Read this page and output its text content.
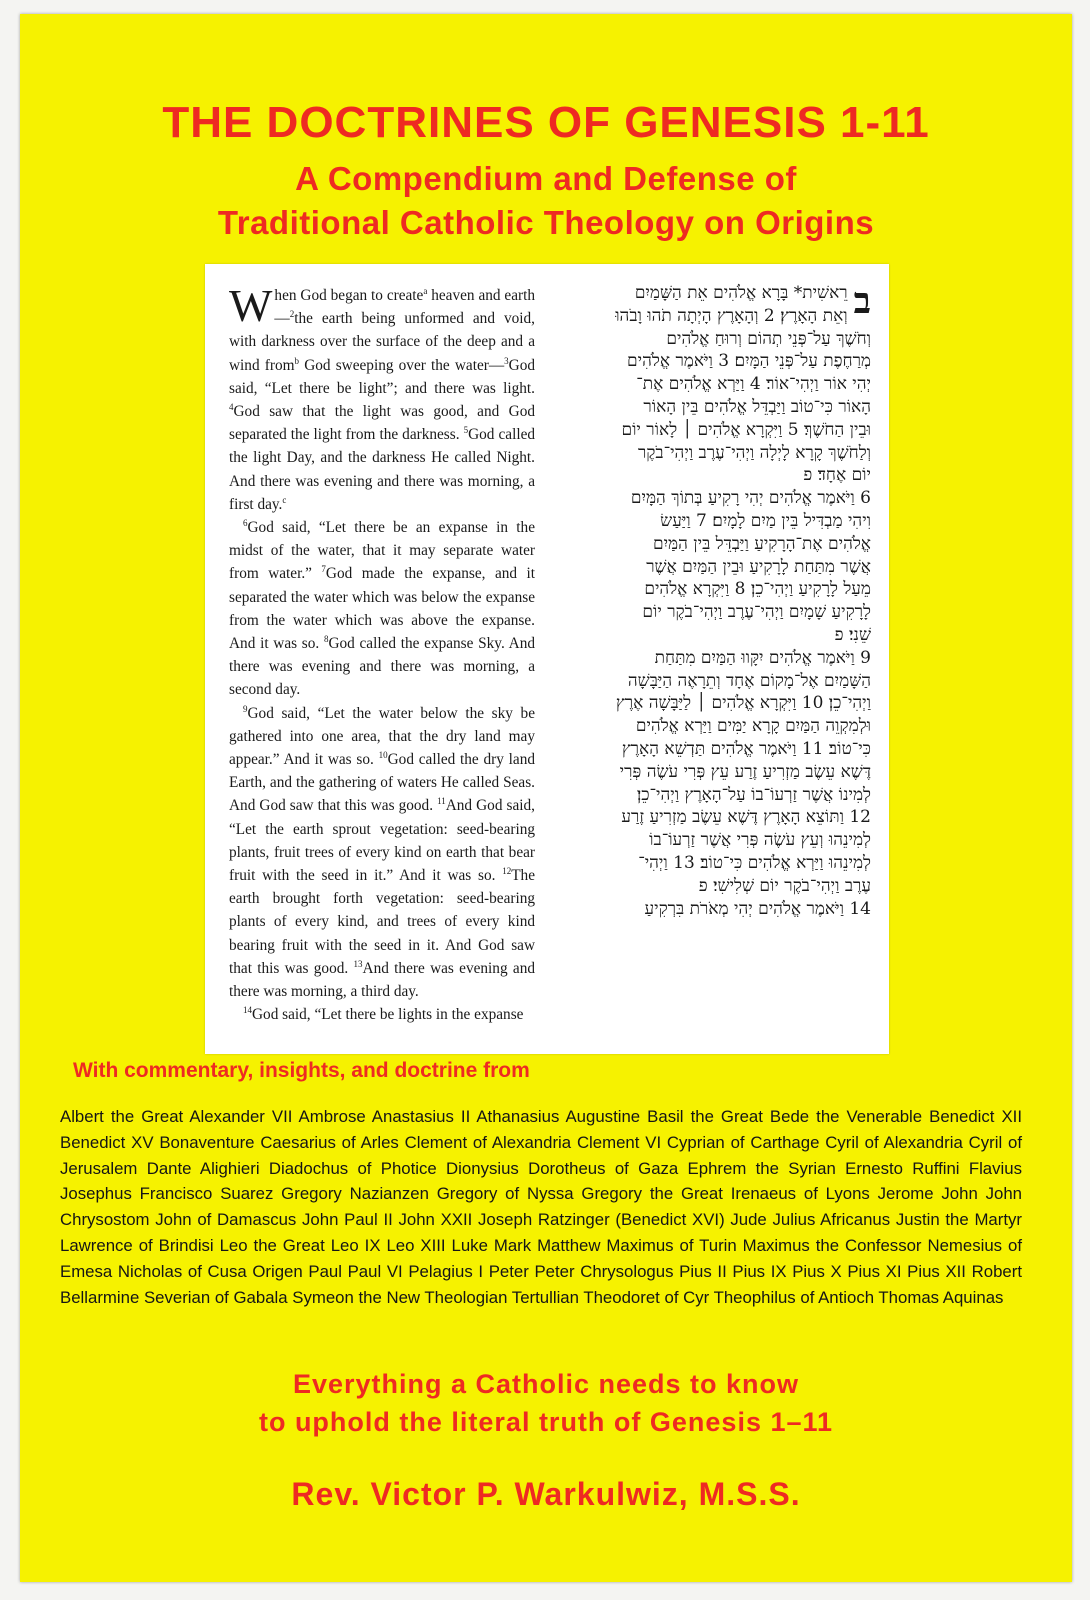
THE DOCTRINES OF GENESIS 1-11
A Compendium and Defense of
Traditional Catholic Theology on Origins

When God began to create$^a$ heaven and earth—$^2$the earth being unformed and void, with darkness over the surface of the deep and a wind from$^b$ God sweeping over the water—$^3$God said, “Let there be light”; and there was light. $^4$God saw that the light was good, and God separated the light from the darkness. $^5$God called the light Day, and the darkness He called Night. And there was evening and there was morning, a first day.$^c$

$^6$God said, “Let there be an expanse in the midst of the water, that it may separate water from water.” $^7$God made the expanse, and it separated the water which was below the expanse from the water which was above the expanse. And it was so. $^8$God called the expanse Sky. And there was evening and there was morning, a second day.

$^9$God said, “Let the water below the sky be gathered into one area, that the dry land may appear.” And it was so. $^{10}$God called the dry land Earth, and the gathering of waters He called Seas. And God saw that this was good. $^{11}$And God said, “Let the earth sprout vegetation: seed-bearing plants, fruit trees of every kind on earth that bear fruit with the seed in it.” And it was so. $^{12}$The earth brought forth vegetation: seed-bearing plants of every kind, and trees of every kind bearing fruit with the seed in it. And God saw that this was good. $^{13}$And there was evening and there was morning, a third day.

$^{14}$God said, “Let there be lights in the expanse

ב
רֵאשִׁית* בָּרָא אֱלֹהִים אֵת הַשָּׁמַיִם
וְאֵת הָאָרֶץ׃ 2 וְהָאָרֶץ הָיְתָה תֹהוּ וָבֹהוּ
וְחֹשֶׁךְ עַל־פְּנֵי תְהוֹם וְרוּחַ אֱלֹהִים
מְרַחֶפֶת עַל־פְּנֵי הַמָּיִם׃ 3 וַיֹּאמֶר אֱלֹהִים
יְהִי אוֹר וַיְהִי־אוֹר׃ 4 וַיַּרְא אֱלֹהִים אֶת־
הָאוֹר כִּי־טוֹב וַיַּבְדֵּל אֱלֹהִים בֵּין הָאוֹר
וּבֵין הַחֹשֶׁךְ׃ 5 וַיִּקְרָא אֱלֹהִים ׀ לָאוֹר יוֹם
וְלַחֹשֶׁךְ קָרָא לָיְלָה וַיְהִי־עֶרֶב וַיְהִי־בֹקֶר
יוֹם אֶחָד׃ פ
6 וַיֹּאמֶר אֱלֹהִים יְהִי רָקִיעַ בְּתוֹךְ הַמָּיִם
וִיהִי מַבְדִּיל בֵּין מַיִם לָמָיִם׃ 7 וַיַּעַשׂ
אֱלֹהִים אֶת־הָרָקִיעַ וַיַּבְדֵּל בֵּין הַמַּיִם
אֲשֶׁר מִתַּחַת לָרָקִיעַ וּבֵין הַמַּיִם אֲשֶׁר
מֵעַל לָרָקִיעַ וַיְהִי־כֵן׃ 8 וַיִּקְרָא אֱלֹהִים
לָרָקִיעַ שָׁמָיִם וַיְהִי־עֶרֶב וַיְהִי־בֹקֶר יוֹם
שֵׁנִי׃ פ
9 וַיֹּאמֶר אֱלֹהִים יִקָּווּ הַמַּיִם מִתַּחַת
הַשָּׁמַיִם אֶל־מָקוֹם אֶחָד וְתֵרָאֶה הַיַּבָּשָׁה
וַיְהִי־כֵן׃ 10 וַיִּקְרָא אֱלֹהִים ׀ לַיַּבָּשָׁה אֶרֶץ
וּלְמִקְוֵה הַמַּיִם קָרָא יַמִּים וַיַּרְא אֱלֹהִים
כִּי־טוֹב׃ 11 וַיֹּאמֶר אֱלֹהִים תַּדְשֵׁא הָאָרֶץ
דֶּשֶׁא עֵשֶׂב מַזְרִיעַ זֶרַע עֵץ פְּרִי עֹשֶׂה פְּרִי
לְמִינוֹ אֲשֶׁר זַרְעוֹ־בוֹ עַל־הָאָרֶץ וַיְהִי־כֵן׃
12 וַתּוֹצֵא הָאָרֶץ דֶּשֶׁא עֵשֶׂב מַזְרִיעַ זֶרַע
לְמִינֵהוּ וְעֵץ עֹשֶׂה פְּרִי אֲשֶׁר זַרְעוֹ־בוֹ
לְמִינֵהוּ וַיַּרְא אֱלֹהִים כִּי־טוֹב׃ 13 וַיְהִי־
עֶרֶב וַיְהִי־בֹקֶר יוֹם שְׁלִישִׁי׃ פ
14 וַיֹּאמֶר אֱלֹהִים יְהִי מְאֹרֹת בִּרְקִיעַ

With commentary, insights, and doctrine from

Albert the Great Alexander VII Ambrose Anastasius II Athanasius Augustine Basil the Great Bede the Venerable Benedict XII Benedict XV Bonaventure Caesarius of Arles Clement of Alexandria Clement VI Cyprian of Carthage Cyril of Alexandria Cyril of Jerusalem Dante Alighieri Diadochus of Photice Dionysius Dorotheus of Gaza Ephrem the Syrian Ernesto Ruffini Flavius Josephus Francisco Suarez Gregory Nazianzen Gregory of Nyssa Gregory the Great Irenaeus of Lyons Jerome John John Chrysostom John of Damascus John Paul II John XXII Joseph Ratzinger (Benedict XVI) Jude Julius Africanus Justin the Martyr Lawrence of Brindisi Leo the Great Leo IX Leo XIII Luke Mark Matthew Maximus of Turin Maximus the Confessor Nemesius of Emesa Nicholas of Cusa Origen Paul Paul VI Pelagius I Peter Peter Chrysologus Pius II Pius IX Pius X Pius XI Pius XII Robert Bellarmine Severian of Gabala Symeon the New Theologian Tertullian Theodoret of Cyr Theophilus of Antioch Thomas Aquinas

Everything a Catholic needs to know

to uphold the literal truth of Genesis 1–11

Rev. Victor P. Warkulwiz, M.S.S.
